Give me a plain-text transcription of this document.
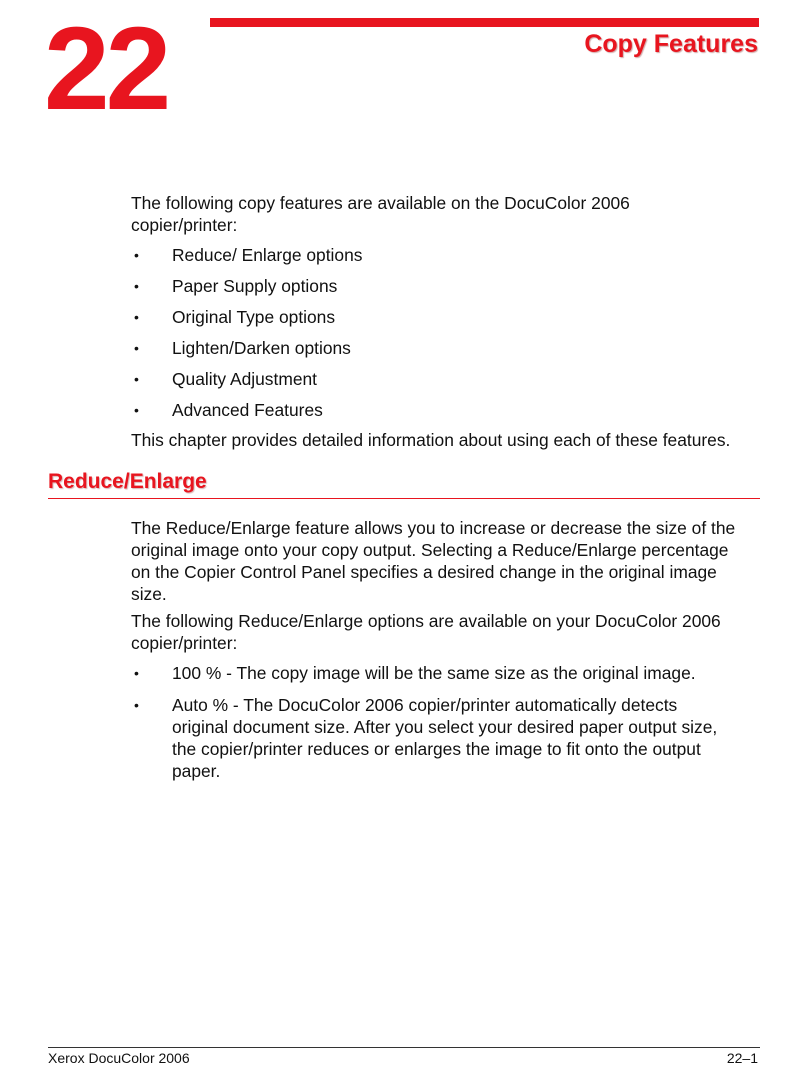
22	Copy Features

The following copy features are available on the DocuColor 2006 copier/printer:

• Reduce/ Enlarge options
• Paper Supply options
• Original Type options
• Lighten/Darken options
• Quality Adjustment
• Advanced Features

This chapter provides detailed information about using each of these features.

Reduce/Enlarge

The Reduce/Enlarge feature allows you to increase or decrease the size of the original image onto your copy output. Selecting a Reduce/Enlarge percentage on the Copier Control Panel specifies a desired change in the original image size.

The following Reduce/Enlarge options are available on your DocuColor 2006 copier/printer:

• 100 % - The copy image will be the same size as the original image.
• Auto % - The DocuColor 2006 copier/printer automatically detects original document size. After you select your desired paper output size, the copier/printer reduces or enlarges the image to fit onto the output paper.
Xerox DocuColor 2006	22–1
